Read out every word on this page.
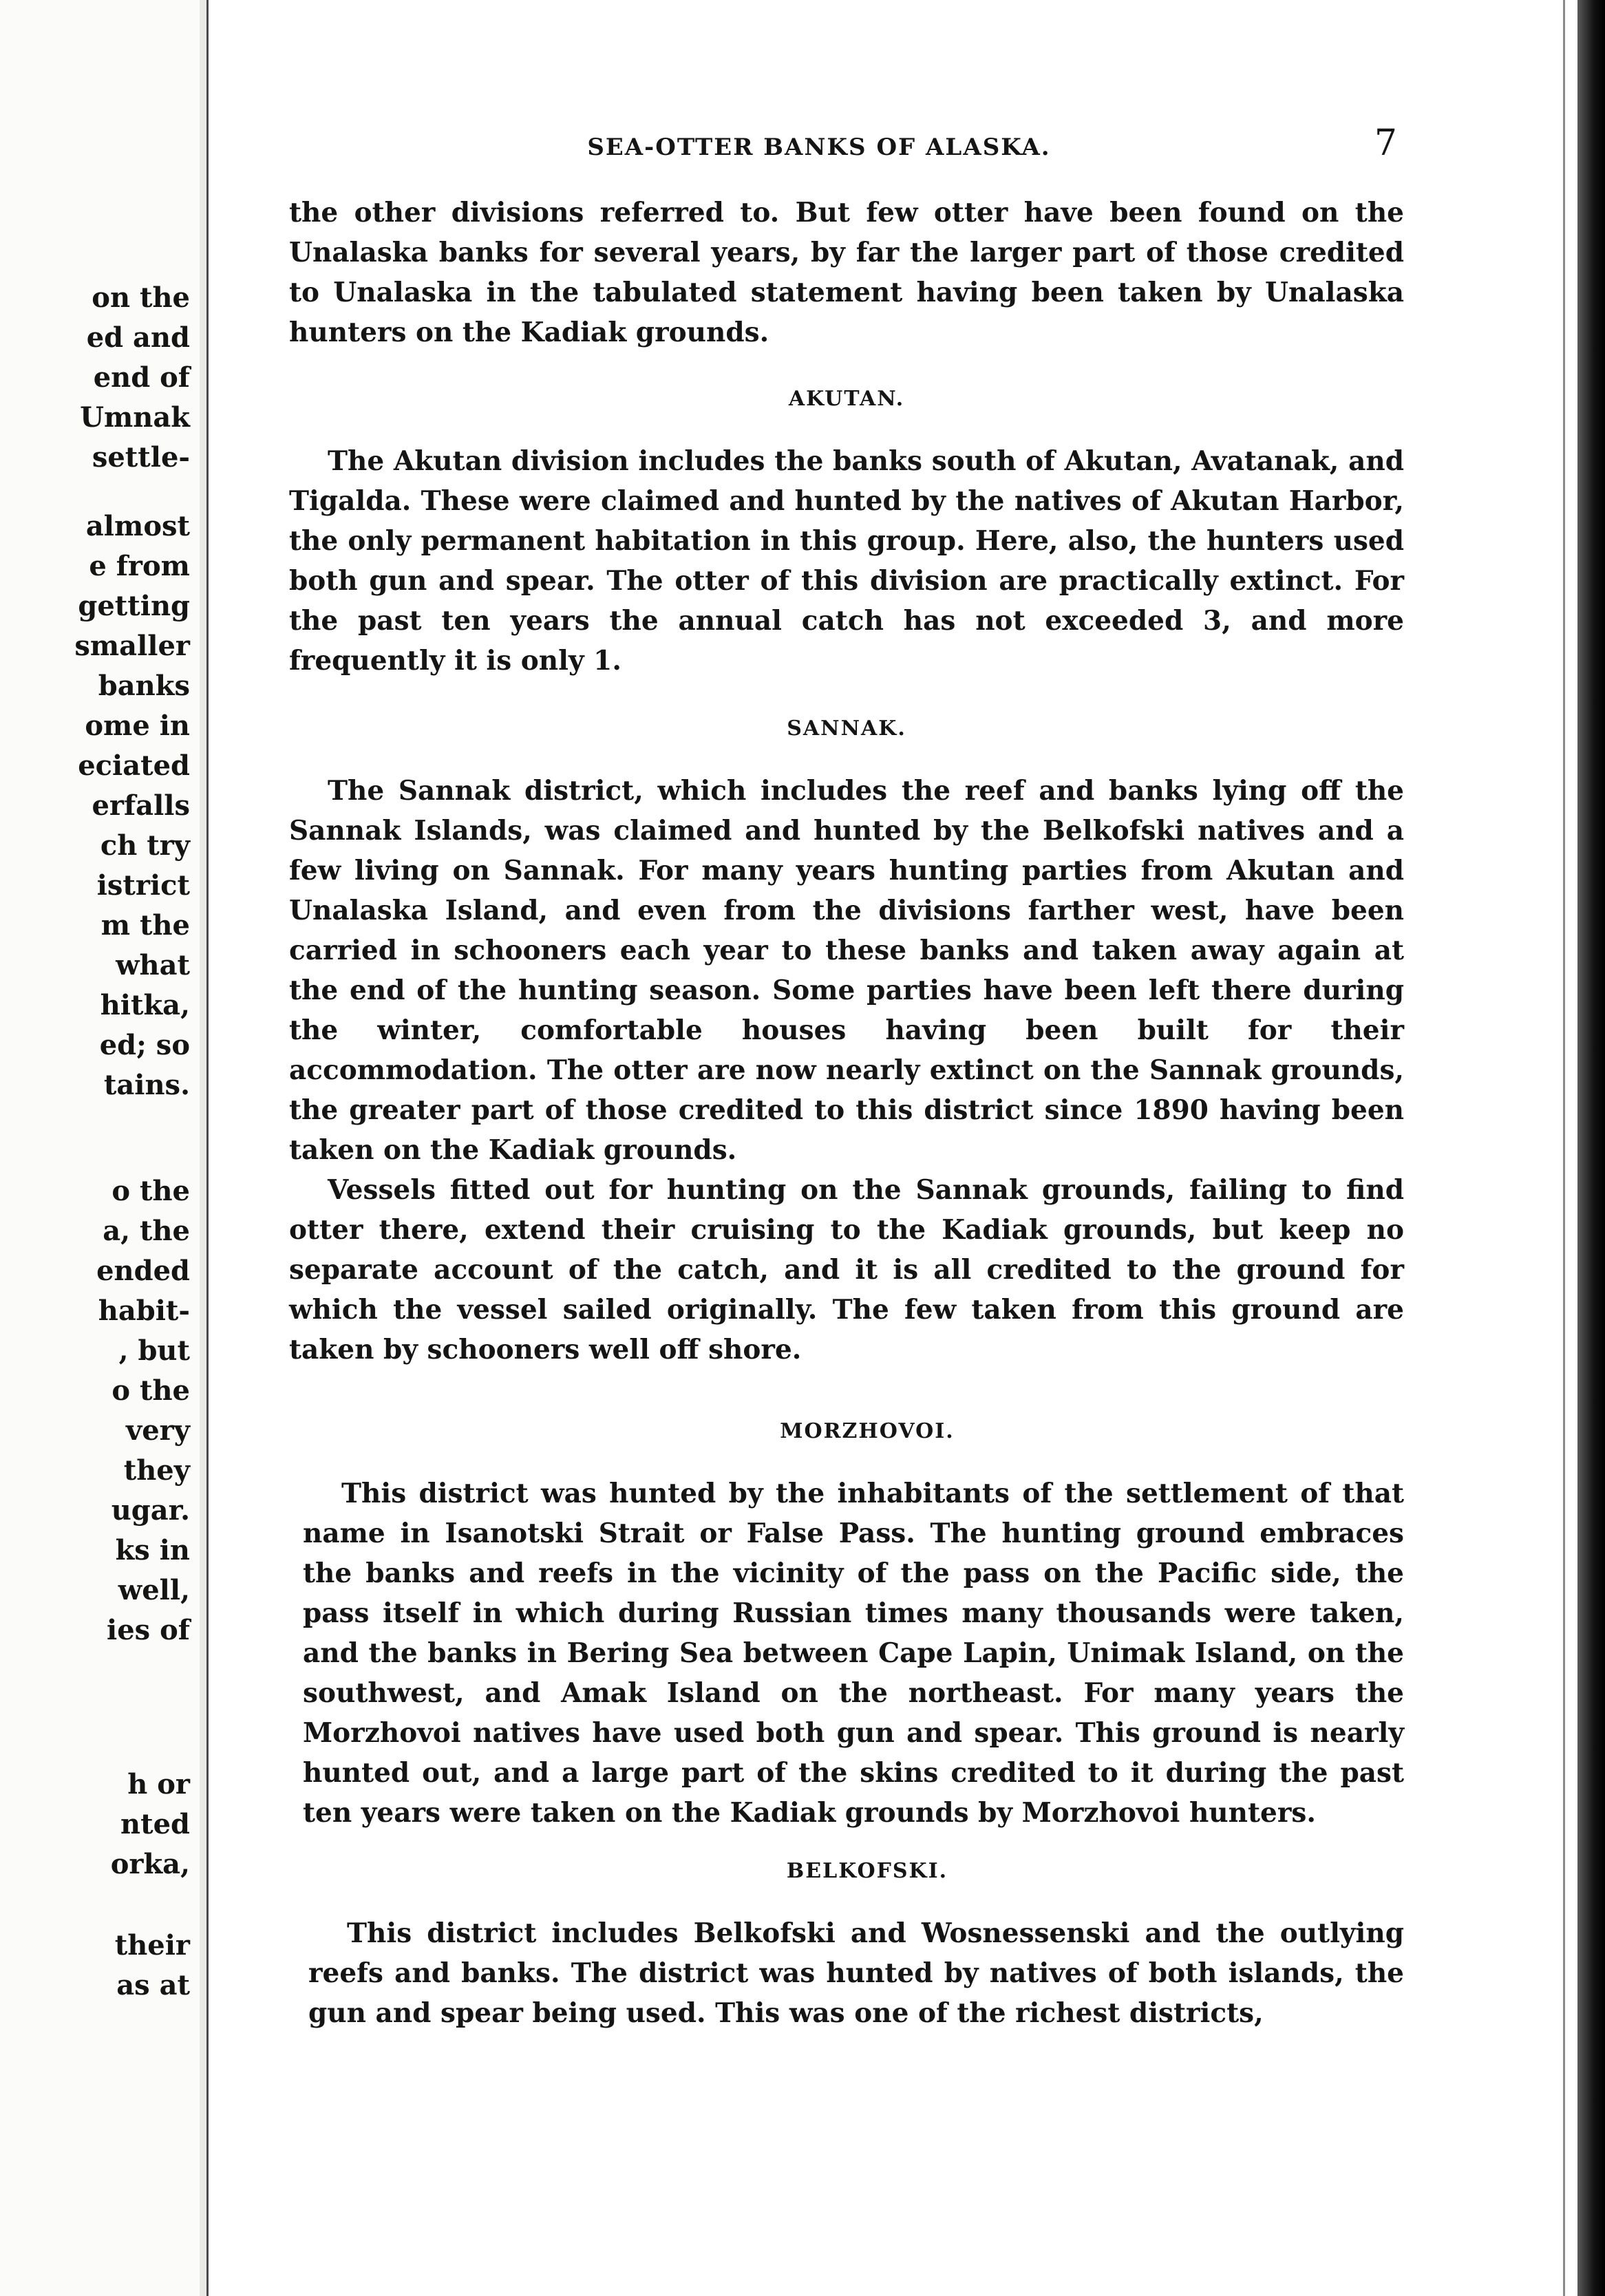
on the
ed and
end of
Umnak
settle-
almost
e from
getting
smaller
banks
ome in
eciated
erfalls
ch try
istrict
m the
what
hitka,
ed; so
tains.
o the
a, the
ended
habit-
, but
o the
very
they
ugar.
ks in
well,
ies of
h or
nted
orka,
their
as at
SEA-OTTER BANKS OF ALASKA.	7

the other divisions referred to. But few otter have been found on the Unalaska banks for several years, by far the larger part of those credited to Unalaska in the tabulated statement having been taken by Unalaska hunters on the Kadiak grounds.

AKUTAN.

The Akutan division includes the banks south of Akutan, Avatanak, and Tigalda. These were claimed and hunted by the natives of Akutan Harbor, the only permanent habitation in this group. Here, also, the hunters used both gun and spear. The otter of this division are practically extinct. For the past ten years the annual catch has not exceeded 3, and more frequently it is only 1.

SANNAK.

The Sannak district, which includes the reef and banks lying off the Sannak Islands, was claimed and hunted by the Belkofski natives and a few living on Sannak. For many years hunting parties from Akutan and Unalaska Island, and even from the divisions farther west, have been carried in schooners each year to these banks and taken away again at the end of the hunting season. Some parties have been left there during the winter, comfortable houses having been built for their accommodation. The otter are now nearly extinct on the Sannak grounds, the greater part of those credited to this district since 1890 having been taken on the Kadiak grounds.

Vessels fitted out for hunting on the Sannak grounds, failing to find otter there, extend their cruising to the Kadiak grounds, but keep no separate account of the catch, and it is all credited to the ground for which the vessel sailed originally. The few taken from this ground are taken by schooners well off shore.

MORZHOVOI.

This district was hunted by the inhabitants of the settlement of that name in Isanotski Strait or False Pass. The hunting ground embraces the banks and reefs in the vicinity of the pass on the Pacific side, the pass itself in which during Russian times many thousands were taken, and the banks in Bering Sea between Cape Lapin, Unimak Island, on the southwest, and Amak Island on the northeast. For many years the Morzhovoi natives have used both gun and spear. This ground is nearly hunted out, and a large part of the skins credited to it during the past ten years were taken on the Kadiak grounds by Morzhovoi hunters.

BELKOFSKI.

This district includes Belkofski and Wosnessenski and the outlying reefs and banks. The district was hunted by natives of both islands, the gun and spear being used. This was one of the richest districts,
